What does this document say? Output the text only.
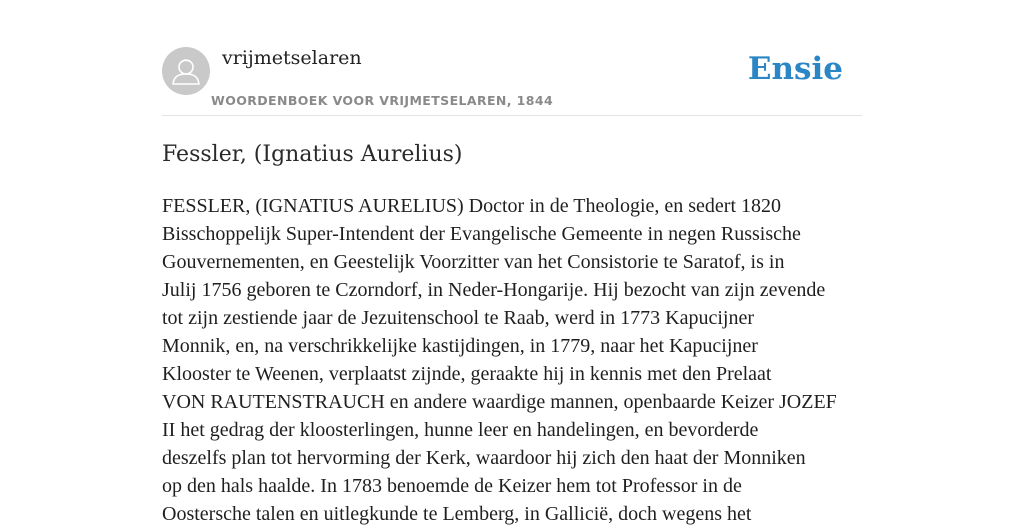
vrijmetselaren
WOORDENBOEK VOOR VRIJMETSELAREN, 1844
Ensie
Fessler, (Ignatius Aurelius)

FESSLER, (IGNATIUS AURELIUS) Doctor in de Theologie, en sedert 1820
Bisschoppelijk Super-Intendent der Evangelische Gemeente in negen Russische
Gouvernementen, en Geestelijk Voorzitter van het Consistorie te Saratof, is in
Julij 1756 geboren te Czorndorf, in Neder-Hongarije. Hij bezocht van zijn zevende
tot zijn zestiende jaar de Jezuitenschool te Raab, werd in 1773 Kapucijner
Monnik, en, na verschrikkelijke kastijdingen, in 1779, naar het Kapucijner
Klooster te Weenen, verplaatst zijnde, geraakte hij in kennis met den Prelaat
VON RAUTENSTRAUCH en andere waardige mannen, openbaarde Keizer JOZEF
II het gedrag der kloosterlingen, hunne leer en handelingen, en bevorderde
deszelfs plan tot hervorming der Kerk, waardoor hij zich den haat der Monniken
op den hals haalde. In 1783 benoemde de Keizer hem tot Professor in de
Oostersche talen en uitlegkunde te Lemberg, in Gallicië, doch wegens het
